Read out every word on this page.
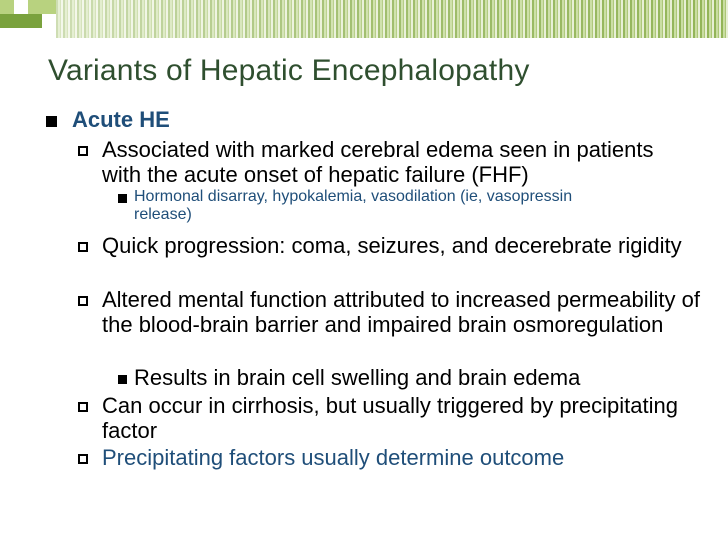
Variants of Hepatic Encephalopathy
Acute HE
Associated with marked cerebral edema seen in patients with the acute onset of hepatic failure (FHF)
Hormonal disarray, hypokalemia, vasodilation (ie, vasopressin release)
Quick progression: coma, seizures, and decerebrate rigidity
Altered mental function attributed to increased permeability of the blood-brain barrier and impaired brain osmoregulation
Results in brain cell swelling and brain edema
Can occur in cirrhosis, but usually triggered by precipitating factor
Precipitating factors usually determine outcome
